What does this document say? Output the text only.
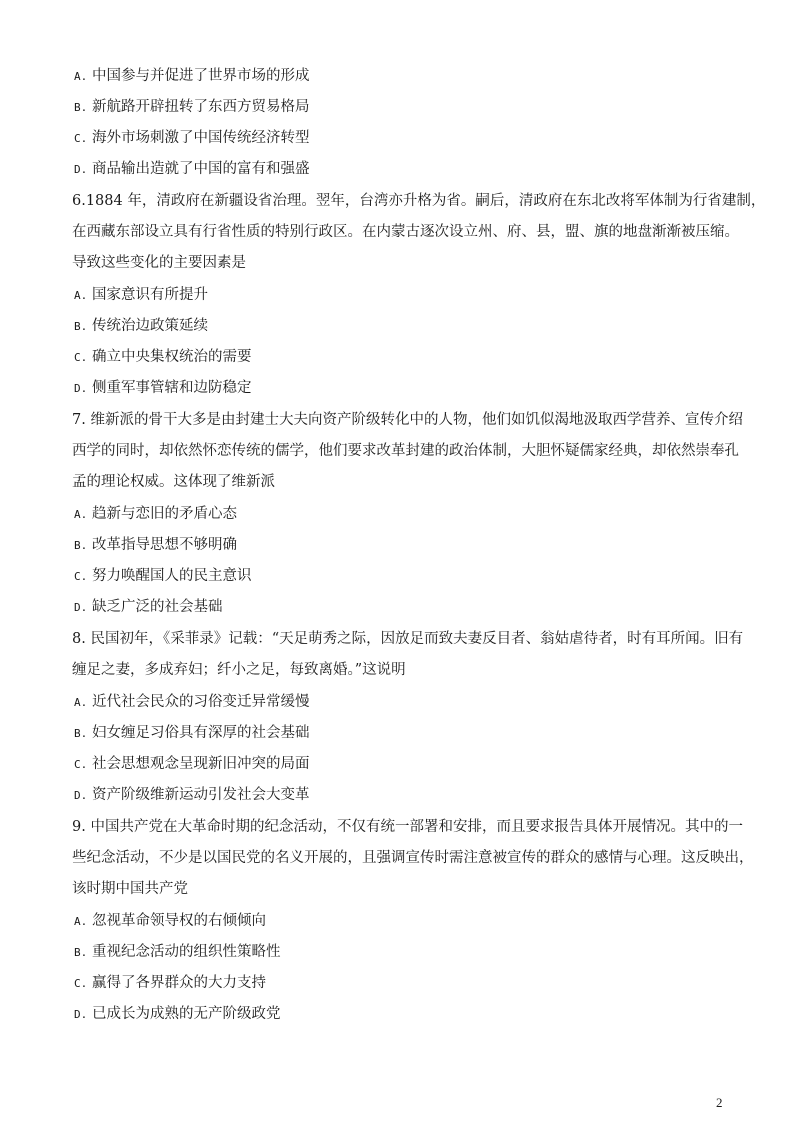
A. 中国参与并促进了世界市场的形成
B. 新航路开辟扭转了东西方贸易格局
C. 海外市场刺激了中国传统经济转型
D. 商品输出造就了中国的富有和强盛
6.1884 年，清政府在新疆设省治理。翌年，台湾亦升格为省。嗣后，清政府在东北改将军体制为行省建制，
在西藏东部设立具有行省性质的特别行政区。在内蒙古逐次设立州、府、县，盟、旗的地盘渐渐被压缩。
导致这些变化的主要因素是
A. 国家意识有所提升
B. 传统治边政策延续
C. 确立中央集权统治的需要
D. 侧重军事管辖和边防稳定
7. 维新派的骨干大多是由封建士大夫向资产阶级转化中的人物，他们如饥似渴地汲取西学营养、宣传介绍
西学的同时，却依然怀恋传统的儒学，他们要求改革封建的政治体制，大胆怀疑儒家经典，却依然崇奉孔
孟的理论权威。这体现了维新派
A. 趋新与恋旧的矛盾心态
B. 改革指导思想不够明确
C. 努力唤醒国人的民主意识
D. 缺乏广泛的社会基础
8. 民国初年，《采菲录》记载：“天足萌秀之际，因放足而致夫妻反目者、翁姑虐待者，时有耳所闻。旧有
缠足之妻，多成弃妇；纤小之足，每致离婚。”这说明
A. 近代社会民众的习俗变迁异常缓慢
B. 妇女缠足习俗具有深厚的社会基础
C. 社会思想观念呈现新旧冲突的局面
D. 资产阶级维新运动引发社会大变革
9. 中国共产党在大革命时期的纪念活动，不仅有统一部署和安排，而且要求报告具体开展情况。其中的一
些纪念活动，不少是以国民党的名义开展的，且强调宣传时需注意被宣传的群众的感情与心理。这反映出，
该时期中国共产党
A. 忽视革命领导权的右倾倾向
B. 重视纪念活动的组织性策略性
C. 赢得了各界群众的大力支持
D. 已成长为成熟的无产阶级政党
2
